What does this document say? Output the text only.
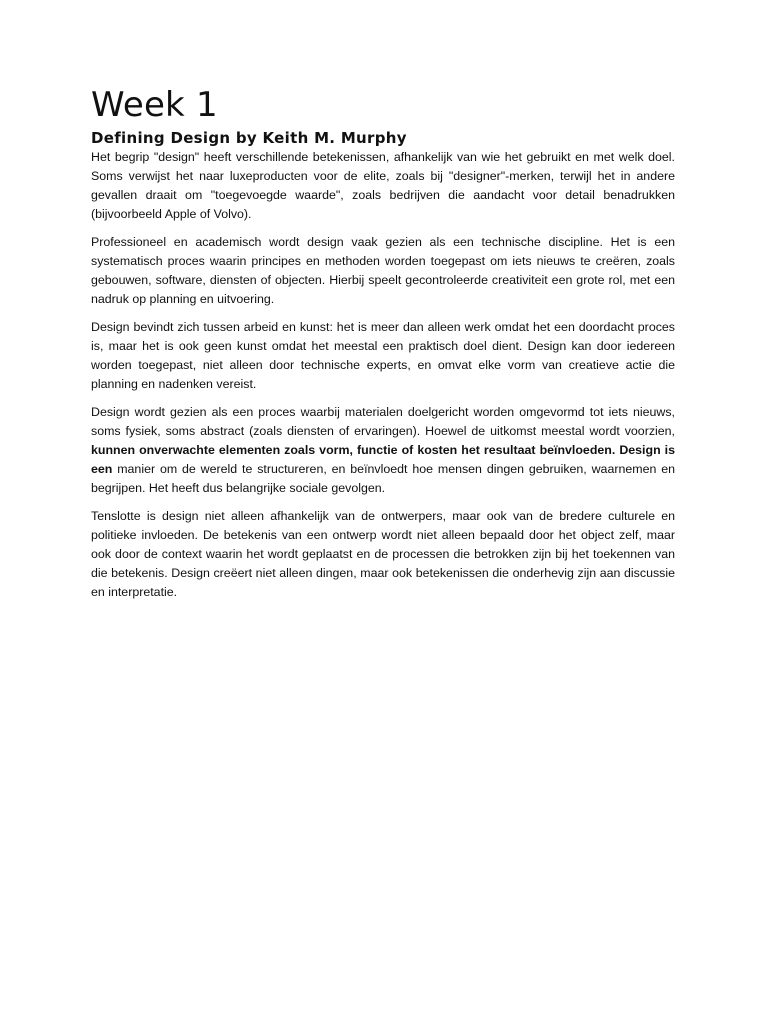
Week 1
Defining Design by Keith M. Murphy

Het begrip "design" heeft verschillende betekenissen, afhankelijk van wie het gebruikt en met welk doel. Soms verwijst het naar luxeproducten voor de elite, zoals bij "designer"-merken, terwijl het in andere gevallen draait om "toegevoegde waarde", zoals bedrijven die aandacht voor detail benadrukken (bijvoorbeeld Apple of Volvo).

Professioneel en academisch wordt design vaak gezien als een technische discipline. Het is een systematisch proces waarin principes en methoden worden toegepast om iets nieuws te creëren, zoals gebouwen, software, diensten of objecten. Hierbij speelt gecontroleerde creativiteit een grote rol, met een nadruk op planning en uitvoering.

Design bevindt zich tussen arbeid en kunst: het is meer dan alleen werk omdat het een doordacht proces is, maar het is ook geen kunst omdat het meestal een praktisch doel dient. Design kan door iedereen worden toegepast, niet alleen door technische experts, en omvat elke vorm van creatieve actie die planning en nadenken vereist.

Design wordt gezien als een proces waarbij materialen doelgericht worden omgevormd tot iets nieuws, soms fysiek, soms abstract (zoals diensten of ervaringen). Hoewel de uitkomst meestal wordt voorzien, kunnen onverwachte elementen zoals vorm, functie of kosten het resultaat beïnvloeden. Design is een manier om de wereld te structureren, en beïnvloedt hoe mensen dingen gebruiken, waarnemen en begrijpen. Het heeft dus belangrijke sociale gevolgen.

Tenslotte is design niet alleen afhankelijk van de ontwerpers, maar ook van de bredere culturele en politieke invloeden. De betekenis van een ontwerp wordt niet alleen bepaald door het object zelf, maar ook door de context waarin het wordt geplaatst en de processen die betrokken zijn bij het toekennen van die betekenis. Design creëert niet alleen dingen, maar ook betekenissen die onderhevig zijn aan discussie en interpretatie.
